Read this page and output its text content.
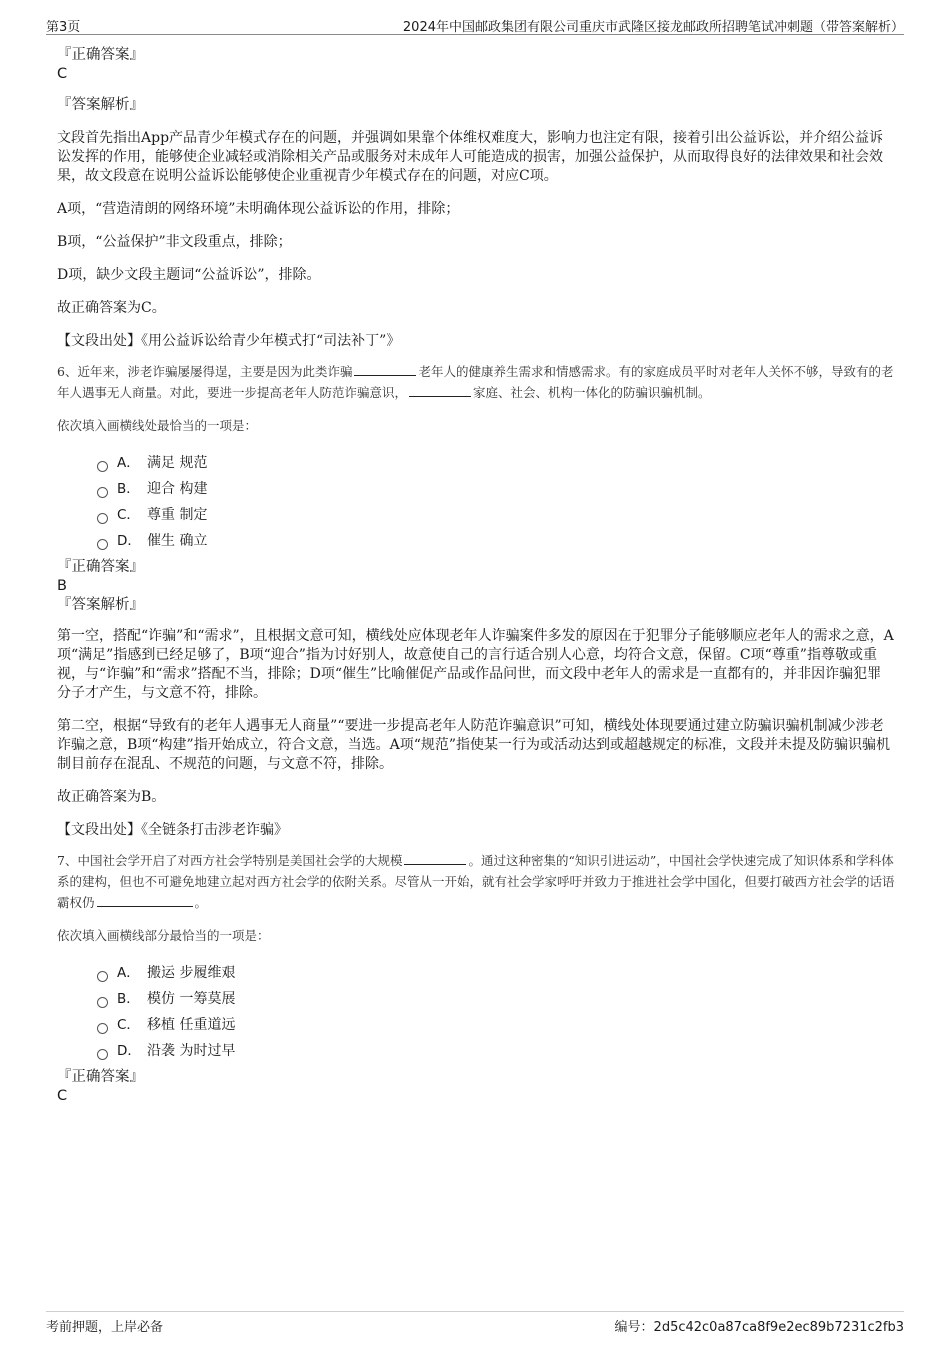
第3页	2024年中国邮政集团有限公司重庆市武隆区接龙邮政所招聘笔试冲刺题（带答案解析）

『正确答案』

C

『答案解析』

文段首先指出App产品青少年模式存在的问题，并强调如果靠个体维权难度大，影响力也注定有限，接着引出公益诉讼，并介绍公益诉讼发挥的作用，能够使企业减轻或消除相关产品或服务对未成年人可能造成的损害，加强公益保护，从而取得良好的法律效果和社会效果，故文段意在说明公益诉讼能够使企业重视青少年模式存在的问题，对应C项。

A项，“营造清朗的网络环境”未明确体现公益诉讼的作用，排除；

B项，“公益保护”非文段重点，排除；

D项，缺少文段主题词“公益诉讼”，排除。

故正确答案为C。

【文段出处】《用公益诉讼给青少年模式打“司法补丁”》

6、近年来，涉老诈骗屡屡得逞，主要是因为此类诈骗	老年人的健康养生需求和情感需求。有的家庭成员平时对老年人关怀不够，导致有的老年人遇事无人商量。对此，要进一步提高老年人防范诈骗意识，	家庭、社会、机构一体化的防骗识骗机制。

依次填入画横线处最恰当的一项是：

A． 满足 规范
B． 迎合 构建
C． 尊重 制定
D． 催生 确立

『正确答案』

B

『答案解析』

第一空，搭配“诈骗”和“需求”，且根据文意可知，横线处应体现老年人诈骗案件多发的原因在于犯罪分子能够顺应老年人的需求之意，A项“满足”指感到已经足够了，B项“迎合”指为讨好别人，故意使自己的言行适合别人心意，均符合文意，保留。C项“尊重”指尊敬或重视，与“诈骗”和“需求”搭配不当，排除；D项“催生”比喻催促产品或作品问世，而文段中老年人的需求是一直都有的，并非因诈骗犯罪分子才产生，与文意不符，排除。

第二空，根据“导致有的老年人遇事无人商量”“要进一步提高老年人防范诈骗意识”可知，横线处体现要通过建立防骗识骗机制减少涉老诈骗之意，B项“构建”指开始成立，符合文意，当选。A项“规范”指使某一行为或活动达到或超越规定的标准，文段并未提及防骗识骗机制目前存在混乱、不规范的问题，与文意不符，排除。

故正确答案为B。

【文段出处】《全链条打击涉老诈骗》

7、中国社会学开启了对西方社会学特别是美国社会学的大规模	。通过这种密集的“知识引进运动”，中国社会学快速完成了知识体系和学科体系的建构，但也不可避免地建立起对西方社会学的依附关系。尽管从一开始，就有社会学家呼吁并致力于推进社会学中国化，但要打破西方社会学的话语霸权仍	。

依次填入画横线部分最恰当的一项是：

A． 搬运 步履维艰
B． 模仿 一筹莫展
C． 移植 任重道远
D． 沿袭 为时过早

『正确答案』

C

考前押题，上岸必备	编号：2d5c42c0a87ca8f9e2ec89b7231c2fb3
